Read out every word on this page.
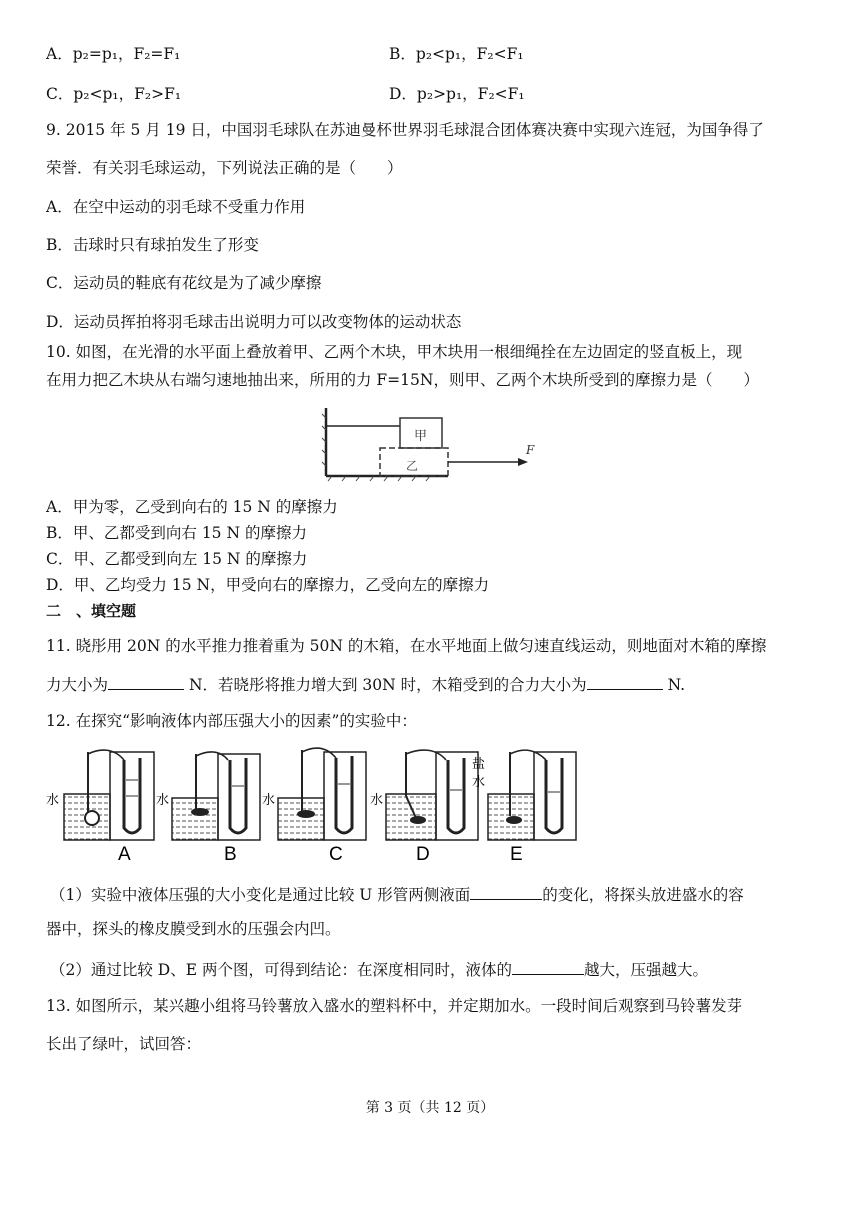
A．p₂=p₁，F₂=F₁	B．p₂<p₁，F₂<F₁
C．p₂<p₁，F₂>F₁	D．p₂>p₁，F₂<F₁
9. 2015 年 5 月 19 日，中国羽毛球队在苏迪曼杯世界羽毛球混合团体赛决赛中实现六连冠，为国争得了
荣誉．有关羽毛球运动，下列说法正确的是（　　）
A．在空中运动的羽毛球不受重力作用
B．击球时只有球拍发生了形变
C．运动员的鞋底有花纹是为了减少摩擦
D．运动员挥拍将羽毛球击出说明力可以改变物体的运动状态
10. 如图，在光滑的水平面上叠放着甲、乙两个木块，甲木块用一根细绳拴在左边固定的竖直板上，现
在用力把乙木块从右端匀速地抽出来，所用的力 F=15N，则甲、乙两个木块所受到的摩擦力是（　　）
甲
乙
F
A．甲为零，乙受到向右的 15 N 的摩擦力
B．甲、乙都受到向右 15 N 的摩擦力
C．甲、乙都受到向左 15 N 的摩擦力
D．甲、乙均受力 15 N，甲受向右的摩擦力，乙受向左的摩擦力
二　、填空题
11. 晓彤用 20N 的水平推力推着重为 50N 的木箱，在水平地面上做匀速直线运动，则地面对木箱的摩擦
力大小为	N．若晓彤将推力增大到 30N 时，木箱受到的合力大小为	N.
12. 在探究“影响液体内部压强大小的因素”的实验中：
水
A
水
B
水
C
水
D
盐
水
E
（1）实验中液体压强的大小变化是通过比较 U 形管两侧液面	的变化，将探头放进盛水的容
器中，探头的橡皮膜受到水的压强会内凹。
（2）通过比较 D、E 两个图，可得到结论：在深度相同时，液体的	越大，压强越大。
13. 如图所示，某兴趣小组将马铃薯放入盛水的塑料杯中，并定期加水。一段时间后观察到马铃薯发芽
长出了绿叶，试回答：
第 3 页（共 12 页）
